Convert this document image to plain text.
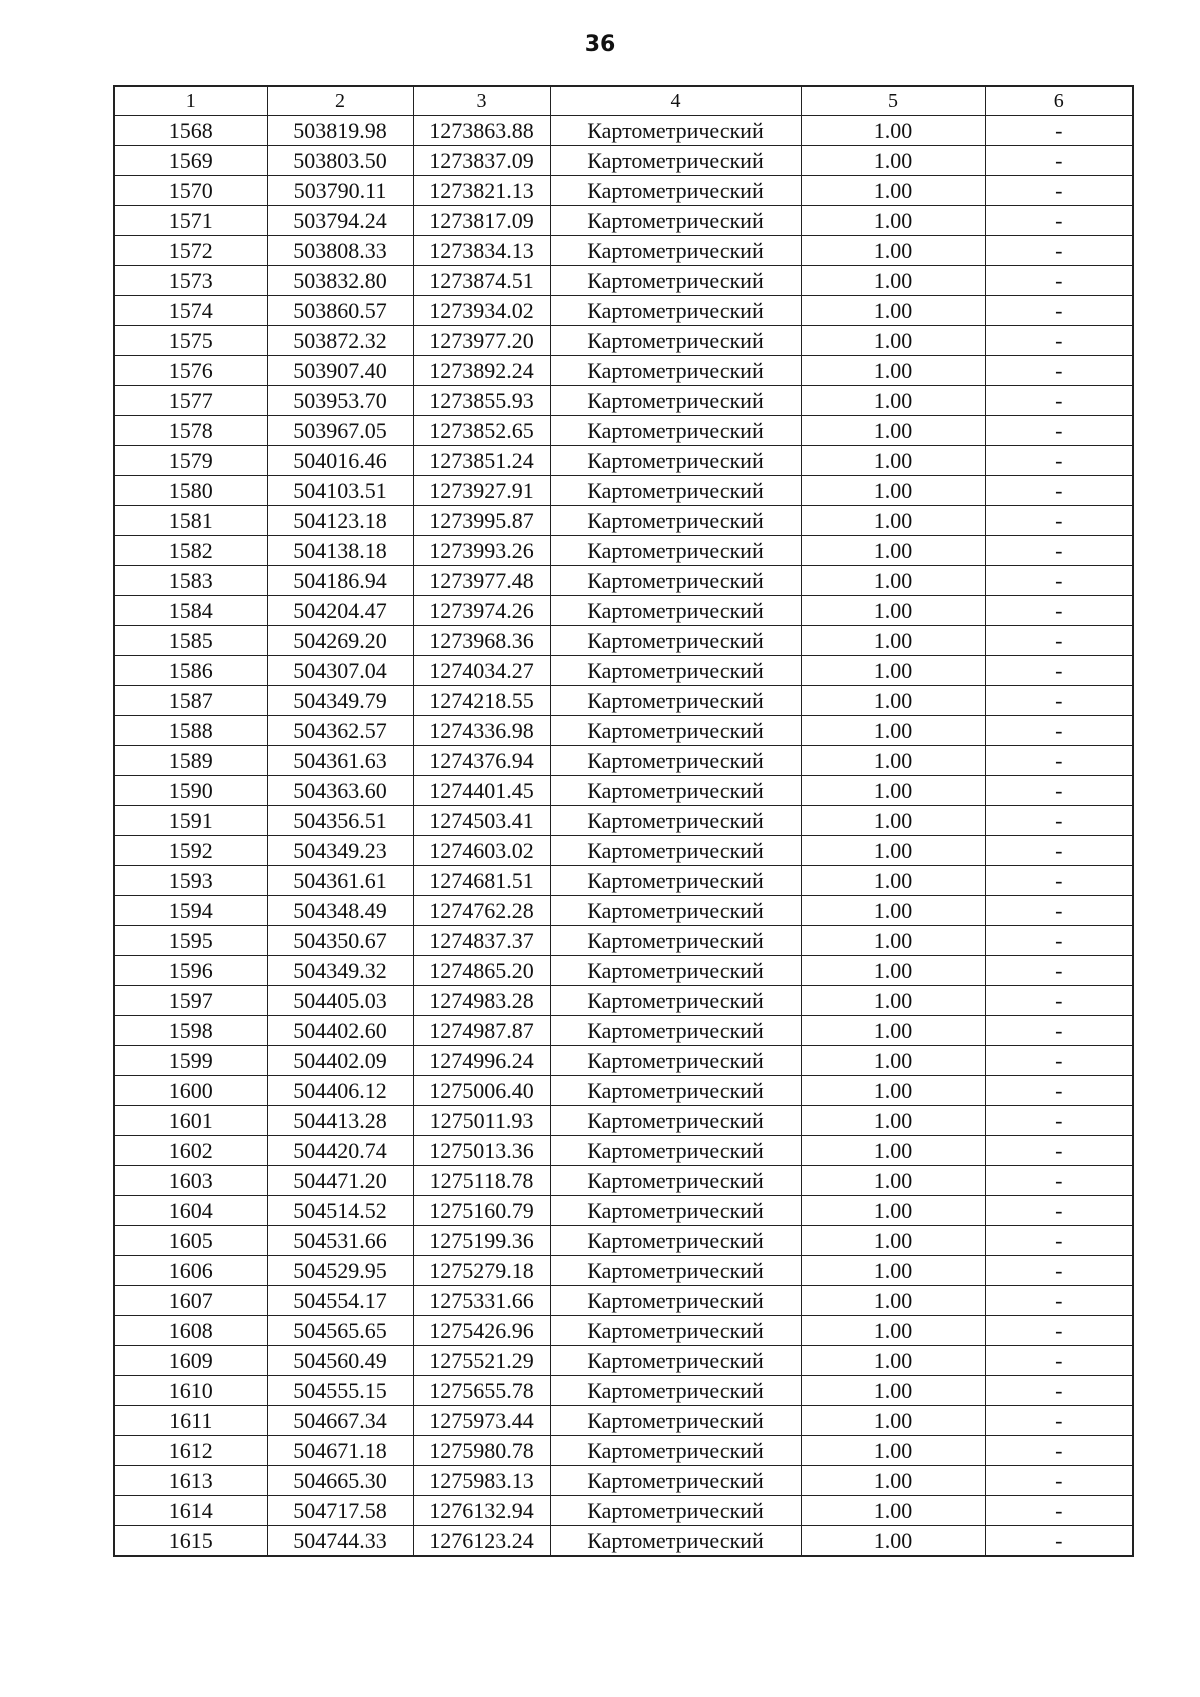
36
1	2	3	4	5	6
1568	503819.98	1273863.88	Картометрический	1.00	-
1569	503803.50	1273837.09	Картометрический	1.00	-
1570	503790.11	1273821.13	Картометрический	1.00	-
1571	503794.24	1273817.09	Картометрический	1.00	-
1572	503808.33	1273834.13	Картометрический	1.00	-
1573	503832.80	1273874.51	Картометрический	1.00	-
1574	503860.57	1273934.02	Картометрический	1.00	-
1575	503872.32	1273977.20	Картометрический	1.00	-
1576	503907.40	1273892.24	Картометрический	1.00	-
1577	503953.70	1273855.93	Картометрический	1.00	-
1578	503967.05	1273852.65	Картометрический	1.00	-
1579	504016.46	1273851.24	Картометрический	1.00	-
1580	504103.51	1273927.91	Картометрический	1.00	-
1581	504123.18	1273995.87	Картометрический	1.00	-
1582	504138.18	1273993.26	Картометрический	1.00	-
1583	504186.94	1273977.48	Картометрический	1.00	-
1584	504204.47	1273974.26	Картометрический	1.00	-
1585	504269.20	1273968.36	Картометрический	1.00	-
1586	504307.04	1274034.27	Картометрический	1.00	-
1587	504349.79	1274218.55	Картометрический	1.00	-
1588	504362.57	1274336.98	Картометрический	1.00	-
1589	504361.63	1274376.94	Картометрический	1.00	-
1590	504363.60	1274401.45	Картометрический	1.00	-
1591	504356.51	1274503.41	Картометрический	1.00	-
1592	504349.23	1274603.02	Картометрический	1.00	-
1593	504361.61	1274681.51	Картометрический	1.00	-
1594	504348.49	1274762.28	Картометрический	1.00	-
1595	504350.67	1274837.37	Картометрический	1.00	-
1596	504349.32	1274865.20	Картометрический	1.00	-
1597	504405.03	1274983.28	Картометрический	1.00	-
1598	504402.60	1274987.87	Картометрический	1.00	-
1599	504402.09	1274996.24	Картометрический	1.00	-
1600	504406.12	1275006.40	Картометрический	1.00	-
1601	504413.28	1275011.93	Картометрический	1.00	-
1602	504420.74	1275013.36	Картометрический	1.00	-
1603	504471.20	1275118.78	Картометрический	1.00	-
1604	504514.52	1275160.79	Картометрический	1.00	-
1605	504531.66	1275199.36	Картометрический	1.00	-
1606	504529.95	1275279.18	Картометрический	1.00	-
1607	504554.17	1275331.66	Картометрический	1.00	-
1608	504565.65	1275426.96	Картометрический	1.00	-
1609	504560.49	1275521.29	Картометрический	1.00	-
1610	504555.15	1275655.78	Картометрический	1.00	-
1611	504667.34	1275973.44	Картометрический	1.00	-
1612	504671.18	1275980.78	Картометрический	1.00	-
1613	504665.30	1275983.13	Картометрический	1.00	-
1614	504717.58	1276132.94	Картометрический	1.00	-
1615	504744.33	1276123.24	Картометрический	1.00	-
